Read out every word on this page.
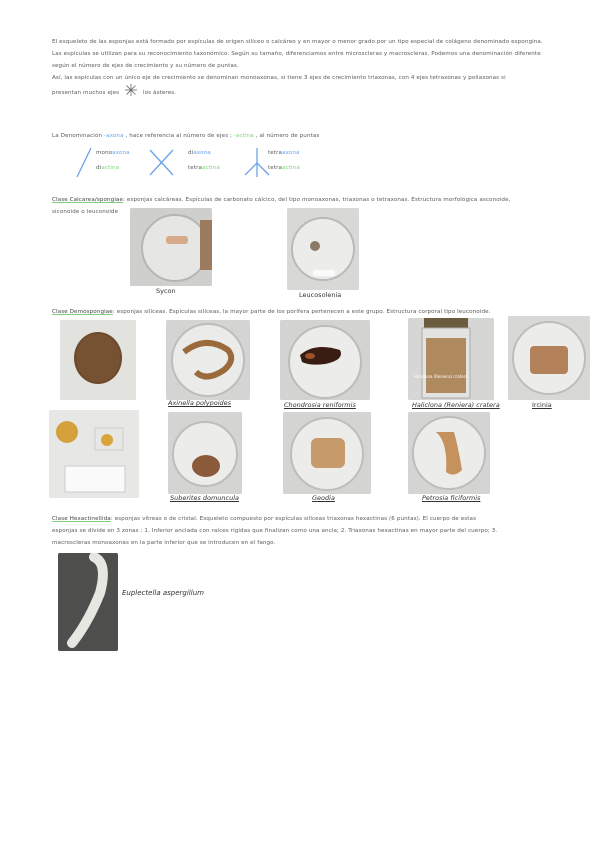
El esqueleto de las esponjas está formado por espículas de origen silíceo o calcáreo y en mayor o menor grado por un tipo especial de colágeno denominado espongina.
Las espículas se utilizan para su reconocimiento taxonómico. Según su tamaño, diferenciamos entre microscleras y macroscleras. Podemos una denominación diferente
según el número de ejes de crecimiento y su número de puntas.
Así, las espículas con un único eje de crecimiento se denominan monoaxonas, si tiene 3 ejes de crecimiento triaxonas, con 4 ejes tetraxonas y poliaxonas si
presentan muchos ejes	los ásteres.
La Denominación -axona , hace referencia al número de ejes ; -actina , al número de puntas
monoaxona
diactina
diaxona
tetraactina
tetraaxona
tetraactina
Clase Calcarea/spongiae: esponjas calcáreas. Espículas de carbonato cálcico, del tipo monoaxonas, triaxonas o tetraxonas. Estructura morfológica asconoide,
siconoide o leuconoide
Sycon	Leucosolenia
Clase Demospongiae: esponjas silíceas. Espículas silíceas, la mayor parte de los porífera pertenecen a este grupo. Estructura corporal tipo leuconoide.
Axinella polypoides	Chondrosia reniformis
Haliclona (Reniera) cratera
Haliclona (Reniera) cratera	Ircinia
Suberites domuncula	Geodia	Petrosia ficiformis
Clase Hexactinellida: esponjas vítreas o de cristal. Esqueleto compuesto por espículas silíceas triaxonas hexactinas (6 puntas). El cuerpo de estas
esponjas se divide en 3 zonas : 1. Inferior anclada con raíces rígidas que finalizan como una ancla; 2. Triaxonas hexactinas en mayor parte del cuerpo; 3.
macroscleras monoaxonas en la parte inferior que se introducen en el fango.
Euplectella aspergillum
